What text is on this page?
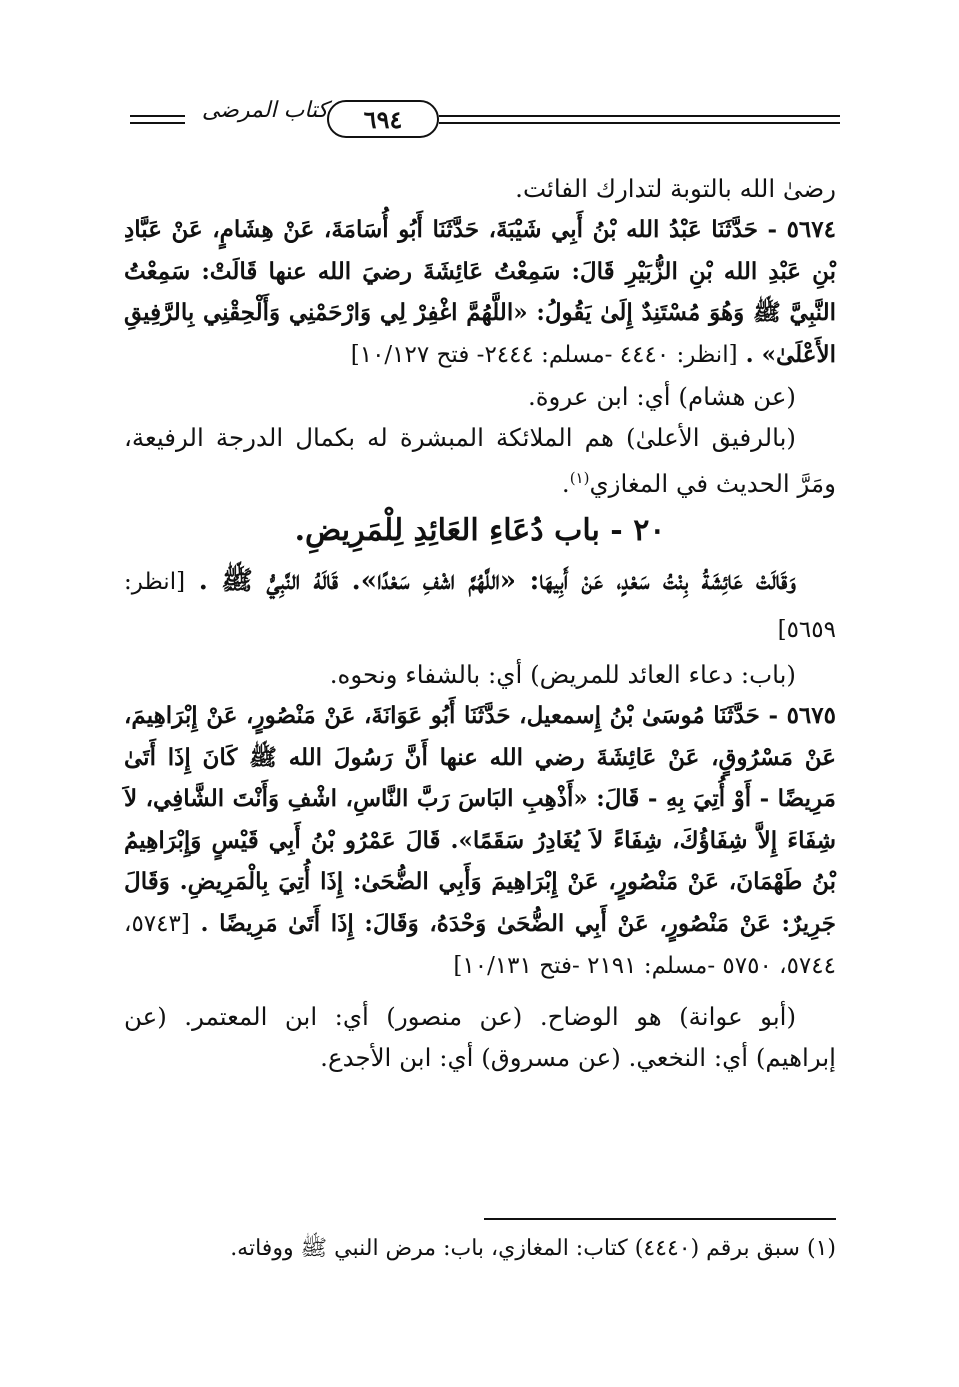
٦٩٤
كتاب المرضى

رضىٰ الله بالتوبة لتدارك الفائت.

٥٦٧٤ - حَدَّثَنَا عَبْدُ الله بْنُ أَبِي شَيْبَةَ، حَدَّثَنَا أَبُو أُسَامَةَ، عَنْ هِشَامٍ، عَنْ عَبَّادِ بْنِ عَبْدِ الله بْنِ الزُّبَيْرِ قَالَ: سَمِعْتُ عَائِشَةَ رضيَ الله عنها قَالَتْ: سَمِعْتُ النَّبِيَّ ﷺ وَهُوَ مُسْتَنِدٌ إِلَىٰ يَقُولُ: «اللَّهُمَّ اغْفِرْ لِي وَارْحَمْنِي وَأَلْحِقْنِي بِالرَّفِيقِ الأَعْلَىٰ» . [انظر: ٤٤٤٠ -مسلم: ٢٤٤٤- فتح ١٠/١٢٧]

(عن هشام) أي: ابن عروة.

(بالرفيق الأعلىٰ) هم الملائكة المبشرة له بكمال الدرجة الرفيعة، ومَرَّ الحديث في المغازي$^{(١)}$.

٢٠ - باب دُعَاءِ العَائِدِ لِلْمَرِيضِ.

وَقَالَتْ عَائِشَةُ بِنْتُ سَعْدٍ، عَنْ أَبِيهَا: «اللَّهُمَّ اشْفِ سَعْدًا». قَالَهُ النَّبِيُّ ﷺ . [انظر: ٥٦٥٩]

(باب: دعاء العائد للمريض) أي: بالشفاء ونحوه.

٥٦٧٥ - حَدَّثَنَا مُوسَىٰ بْنُ إِسمعيل، حَدَّثَنَا أَبُو عَوَانَةَ، عَنْ مَنْصُورٍ، عَنْ إِبْرَاهِيمَ، عَنْ مَسْرُوقٍ، عَنْ عَائِشَةَ رضي الله عنها أَنَّ رَسُولَ الله ﷺ كَانَ إِذَا أَتَىٰ مَرِيضًا - أَوْ أُتِيَ بِهِ - قَالَ: «أَذْهِبِ البَاسَ رَبَّ النَّاسِ، اشْفِ وَأَنْتَ الشَّافِي، لاَ شِفَاءَ إِلاَّ شِفَاؤُكَ، شِفَاءً لاَ يُغَادِرُ سَقَمًا». قَالَ عَمْرُو بْنُ أَبِي قَيْسٍ وَإِبْرَاهِيمُ بْنُ طَهْمَانَ، عَنْ مَنْصُورٍ، عَنْ إِبْرَاهِيمَ وَأَبِي الضُّحَىٰ: إِذَا أُتِيَ بِالْمَرِيضِ. وَقَالَ جَرِيرٌ: عَنْ مَنْصُورٍ، عَنْ أَبِي الضُّحَىٰ وَحْدَهُ، وَقَالَ: إِذَا أَتَىٰ مَرِيضًا . [٥٧٤٣، ٥٧٤٤، ٥٧٥٠ -مسلم: ٢١٩١ -فتح ١٠/١٣١]

(أبو عوانة) هو الوضاح. (عن منصور) أي: ابن المعتمر. (عن إبراهيم) أي: النخعي. (عن مسروق) أي: ابن الأجدع.

(١) سبق برقم (٤٤٤٠) كتاب: المغازي، باب: مرض النبي ﷺ ووفاته.
